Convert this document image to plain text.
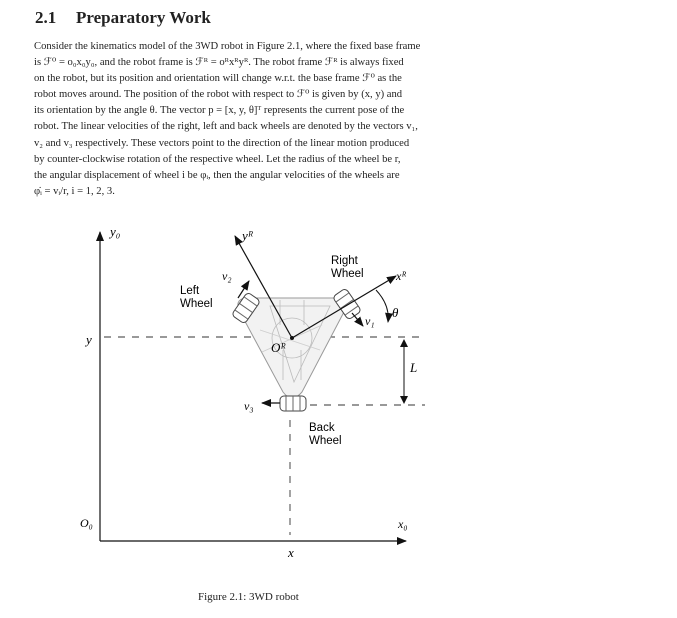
2.1 Preparatory Work
Consider the kinematics model of the 3WD robot in Figure 2.1, where the fixed base frame
is ℱ⁰ = o₀x₀y₀, and the robot frame is ℱᴿ = oᴿxᴿyᴿ. The robot frame ℱᴿ is always fixed
on the robot, but its position and orientation will change w.r.t. the base frame ℱ⁰ as the
robot moves around. The position of the robot with respect to ℱ⁰ is given by (x, y) and
its orientation by the angle θ. The vector p = [x, y, θ]ᵀ represents the current pose of the
robot. The linear velocities of the right, left and back wheels are denoted by the vectors v₁,
v₂ and v₃ respectively. These vectors point to the direction of the linear motion produced
by counter-clockwise rotation of the respective wheel. Let the radius of the wheel be r,
the angular displacement of wheel i be φᵢ, then the angular velocities of the wheels are
φ̇ᵢ = vᵢ/r, i = 1, 2, 3.
y₀
x₀
O₀
y
x
yᴿ
xᴿ
Oᴿ
θ
L
v₁
v₂
v₃
Left
Wheel
Right
Wheel
Back
Wheel
Figure 2.1: 3WD robot
